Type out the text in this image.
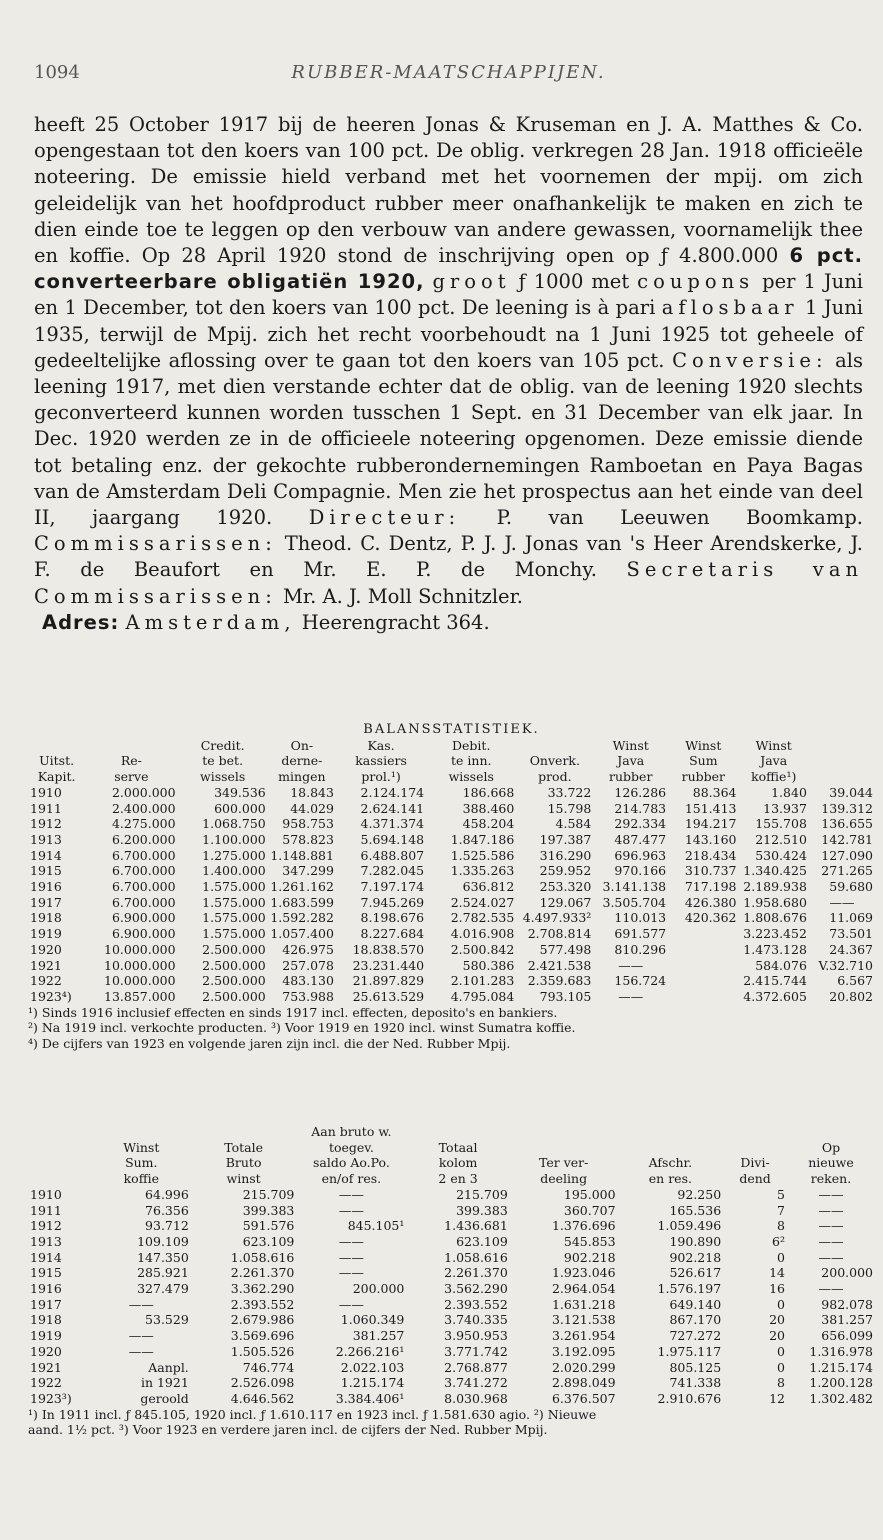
1094	RUBBER-MAATSCHAPPIJEN.

heeft 25 October 1917 bij de heeren Jonas & Kruseman en J. A. Matthes & Co. opengestaan tot den koers van 100 pct. De oblig. verkregen 28 Jan. 1918 officieële noteering. De emissie hield verband met het voornemen der mpij. om zich geleidelijk van het hoofdproduct rubber meer onafhankelijk te maken en zich te dien einde toe te leggen op den verbouw van andere gewassen, voornamelijk thee en koffie. Op 28 April 1920 stond de inschrijving open op ƒ 4.800.000 6 pct. converteerbare obligatiën 1920, groot ƒ 1000 met coupons per 1 Juni en 1 December, tot den koers van 100 pct. De leening is à pari aflosbaar 1 Juni 1935, terwijl de Mpij. zich het recht voorbehoudt na 1 Juni 1925 tot geheele of gedeeltelijke aflossing over te gaan tot den koers van 105 pct. Conversie: als leening 1917, met dien verstande echter dat de oblig. van de leening 1920 slechts geconverteerd kunnen worden tusschen 1 Sept. en 31 December van elk jaar. In Dec. 1920 werden ze in de officieele noteering opgenomen. Deze emissie diende tot betaling enz. der gekochte rubberondernemingen Ramboetan en Paya Bagas van de Amsterdam Deli Compagnie. Men zie het prospectus aan het einde van deel II, jaargang 1920. Directeur: P. van Leeuwen Boomkamp. Commissarissen: Theod. C. Dentz, P. J. J. Jonas van 's Heer Arendskerke, J. F. de Beaufort en Mr. E. P. de Monchy. Secretaris van Commissarissen: Mr. A. J. Moll Schnitzler.

Adres: Amsterdam, Heerengracht 364.

BALANSSTATISTIEK.
		Credit.	On-	Kas.	Debit.		Winst	Winst	Winst	
Uitst.	Re-	te bet.	derne-	kassiers	te inn.	Onverk.	Java	Sum	Java	
Kapit.	serve	wissels	mingen	prol.¹)	wissels	prod.	rubber	rubber	koffie¹)	
1910	2.000.000	349.536	18.843	2.124.174	186.668	33.722	126.286	88.364	1.840	39.044
1911	2.400.000	600.000	44.029	2.624.141	388.460	15.798	214.783	151.413	13.937	139.312
1912	4.275.000	1.068.750	958.753	4.371.374	458.204	4.584	292.334	194.217	155.708	136.655
1913	6.200.000	1.100.000	578.823	5.694.148	1.847.186	197.387	487.477	143.160	212.510	142.781
1914	6.700.000	1.275.000	1.148.881	6.488.807	1.525.586	316.290	696.963	218.434	530.424	127.090
1915	6.700.000	1.400.000	347.299	7.282.045	1.335.263	259.952	970.166	310.737	1.340.425	271.265
1916	6.700.000	1.575.000	1.261.162	7.197.174	636.812	253.320	3.141.138	717.198	2.189.938	59.680
1917	6.700.000	1.575.000	1.683.599	7.945.269	2.524.027	129.067	3.505.704	426.380	1.958.680	——
1918	6.900.000	1.575.000	1.592.282	8.198.676	2.782.535	4.497.933²	110.013	420.362	1.808.676	11.069
1919	6.900.000	1.575.000	1.057.400	8.227.684	4.016.908	2.708.814	691.577		3.223.452	73.501
1920	10.000.000	2.500.000	426.975	18.838.570	2.500.842	577.498	810.296		1.473.128	24.367
1921	10.000.000	2.500.000	257.078	23.231.440	580.386	2.421.538	——		584.076	V.32.710
1922	10.000.000	2.500.000	483.130	21.897.829	2.101.283	2.359.683	156.724		2.415.744	6.567
1923⁴)	13.857.000	2.500.000	753.988	25.613.529	4.795.084	793.105	——		4.372.605	20.802

¹) Sinds 1916 inclusief effecten en sinds 1917 incl. effecten, deposito's en bankiers.

²) Na 1919 incl. verkochte producten. ³) Voor 1919 en 1920 incl. winst Sumatra koffie.

⁴) De cijfers van 1923 en volgende jaren zijn incl. die der Ned. Rubber Mpij.

			Aan bruto w.					
	Winst	Totale	toegev.	Totaal				Op
	Sum.	Bruto	saldo Ao.Po.	kolom	Ter ver-	Afschr.	Divi-	nieuwe
	koffie	winst	en/of res.	2 en 3	deeling	en res.	dend	reken.
1910	64.996	215.709	——	215.709	195.000	92.250	5	——
1911	76.356	399.383	——	399.383	360.707	165.536	7	——
1912	93.712	591.576	845.105¹	1.436.681	1.376.696	1.059.496	8	——
1913	109.109	623.109	——	623.109	545.853	190.890	6²	——
1914	147.350	1.058.616	——	1.058.616	902.218	902.218	0	——
1915	285.921	2.261.370	——	2.261.370	1.923.046	526.617	14	200.000
1916	327.479	3.362.290	200.000	3.562.290	2.964.054	1.576.197	16	——
1917	——	2.393.552	——	2.393.552	1.631.218	649.140	0	982.078
1918	53.529	2.679.986	1.060.349	3.740.335	3.121.538	867.170	20	381.257
1919	——	3.569.696	381.257	3.950.953	3.261.954	727.272	20	656.099
1920	——	1.505.526	2.266.216¹	3.771.742	3.192.095	1.975.117	0	1.316.978
1921	Aanpl.	746.774	2.022.103	2.768.877	2.020.299	805.125	0	1.215.174
1922	in 1921	2.526.098	1.215.174	3.741.272	2.898.049	741.338	8	1.200.128
1923³)	geroold	4.646.562	3.384.406¹	8.030.968	6.376.507	2.910.676	12	1.302.482

¹) In 1911 incl. ƒ 845.105, 1920 incl. ƒ 1.610.117 en 1923 incl. ƒ 1.581.630 agio. ²) Nieuwe

aand. 1½ pct. ³) Voor 1923 en verdere jaren incl. de cijfers der Ned. Rubber Mpij.
